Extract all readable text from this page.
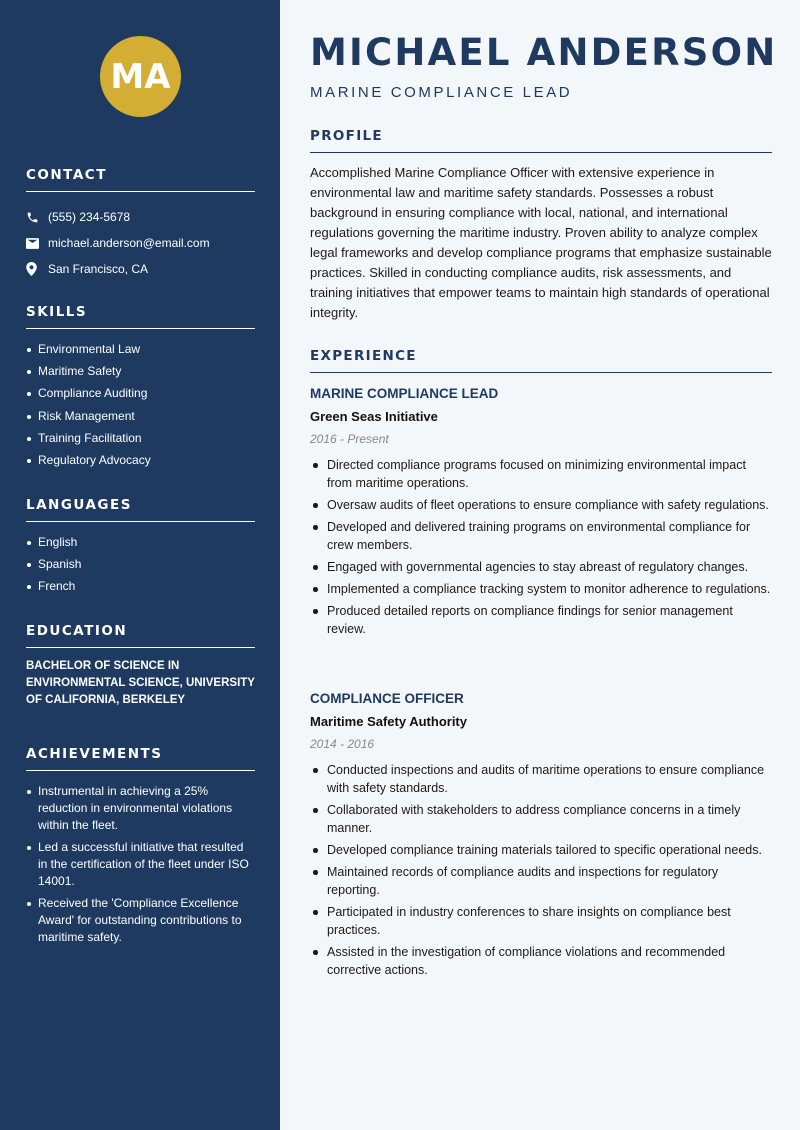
MA
CONTACT
(555) 234-5678
michael.anderson@email.com
San Francisco, CA
SKILLS
Environmental Law
Maritime Safety
Compliance Auditing
Risk Management
Training Facilitation
Regulatory Advocacy
LANGUAGES
English
Spanish
French
EDUCATION
BACHELOR OF SCIENCE IN ENVIRONMENTAL SCIENCE, UNIVERSITY OF CALIFORNIA, BERKELEY
ACHIEVEMENTS
Instrumental in achieving a 25% reduction in environmental violations within the fleet.
Led a successful initiative that resulted in the certification of the fleet under ISO 14001.
Received the 'Compliance Excellence Award' for outstanding contributions to maritime safety.
MICHAEL ANDERSON
MARINE COMPLIANCE LEAD
PROFILE

Accomplished Marine Compliance Officer with extensive experience in environmental law and maritime safety standards. Possesses a robust background in ensuring compliance with local, national, and international regulations governing the maritime industry. Proven ability to analyze complex legal frameworks and develop compliance programs that emphasize sustainable practices. Skilled in conducting compliance audits, risk assessments, and training initiatives that empower teams to maintain high standards of operational integrity.

EXPERIENCE
MARINE COMPLIANCE LEAD
Green Seas Initiative
2016 - Present
Directed compliance programs focused on minimizing environmental impact from maritime operations.
Oversaw audits of fleet operations to ensure compliance with safety regulations.
Developed and delivered training programs on environmental compliance for crew members.
Engaged with governmental agencies to stay abreast of regulatory changes.
Implemented a compliance tracking system to monitor adherence to regulations.
Produced detailed reports on compliance findings for senior management review.
COMPLIANCE OFFICER
Maritime Safety Authority
2014 - 2016
Conducted inspections and audits of maritime operations to ensure compliance with safety standards.
Collaborated with stakeholders to address compliance concerns in a timely manner.
Developed compliance training materials tailored to specific operational needs.
Maintained records of compliance audits and inspections for regulatory reporting.
Participated in industry conferences to share insights on compliance best practices.
Assisted in the investigation of compliance violations and recommended corrective actions.
